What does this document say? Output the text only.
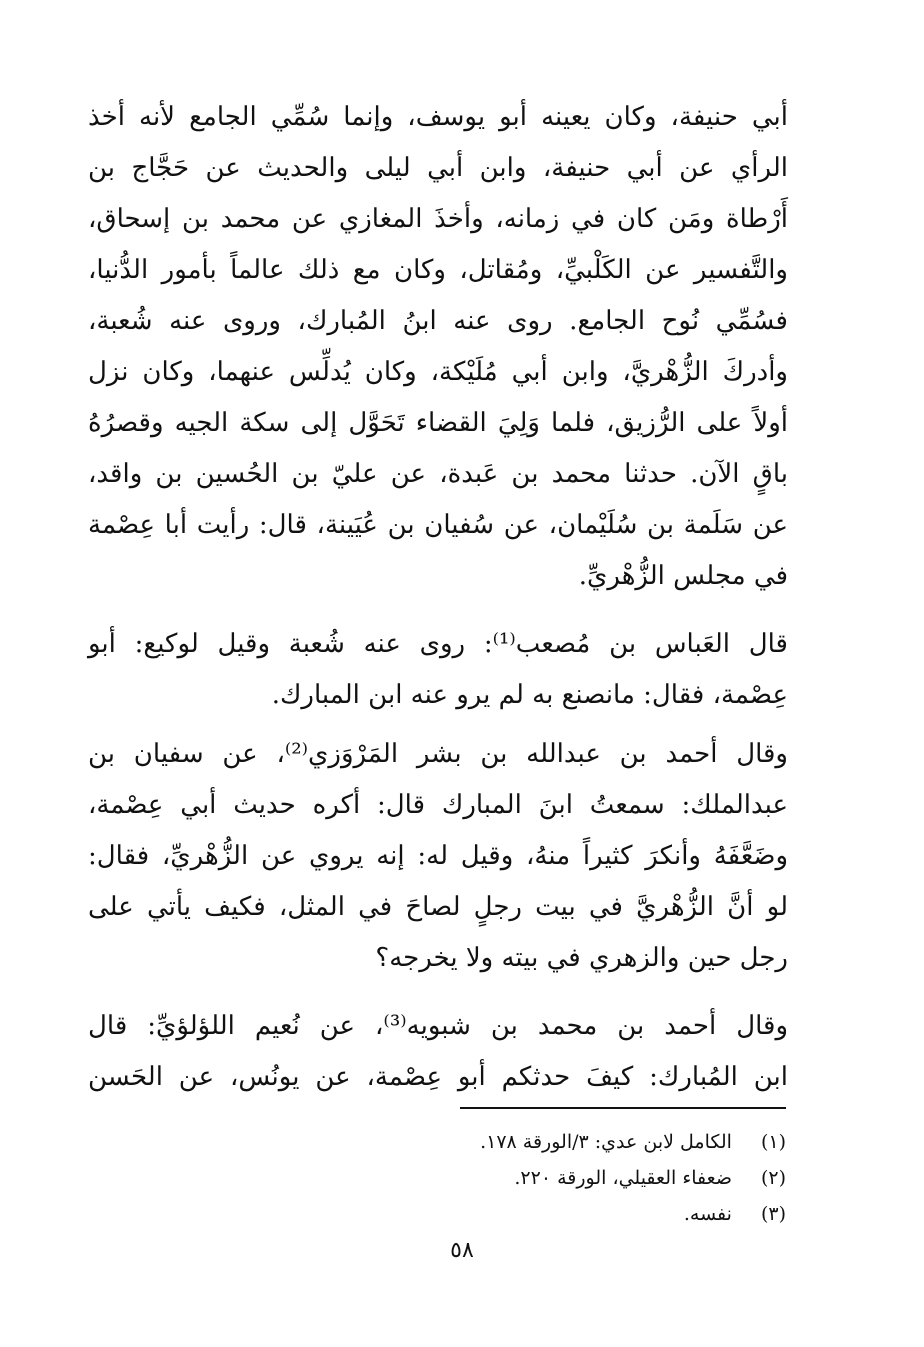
أبي حنيفة، وكان يعينه أبو يوسف، وإنما سُمِّي الجامع لأنه أخذ
الرأي عن أبي حنيفة، وابن أبي ليلى والحديث عن حَجَّاج بن
أَرْطاة ومَن كان في زمانه، وأخذَ المغازي عن محمد بن إسحاق،
والتَّفسير عن الكَلْبيِّ، ومُقاتل، وكان مع ذلك عالماً بأمور الدُّنيا،
فسُمِّي نُوح الجامع. روى عنه ابنُ المُبارك، وروى عنه شُعبة،
وأدركَ الزُّهْريَّ، وابن أبي مُلَيْكة، وكان يُدلِّس عنهما، وكان نزل
أولاً على الرُّزيق، فلما وَلِيَ القضاء تَحَوَّل إلى سكة الجيه وقصرُهُ
باقٍ الآن. حدثنا محمد بن عَبدة، عن عليّ بن الحُسين بن واقد،
عن سَلَمة بن سُلَيْمان، عن سُفيان بن عُيَينة، قال: رأيت أبا عِصْمة
في مجلس الزُّهْريِّ.
قال العَباس بن مُصعب⁽¹⁾: روى عنه شُعبة وقيل لوكيع: أبو
عِصْمة، فقال: مانصنع به لم يرو عنه ابن المبارك.
وقال أحمد بن عبدالله بن بشر المَرْوَزي⁽²⁾، عن سفيان بن
عبدالملك: سمعتُ ابنَ المبارك قال: أكره حديث أبي عِصْمة،
وضَعَّفَهُ وأنكرَ كثيراً منهُ، وقيل له: إنه يروي عن الزُّهْريِّ، فقال:
لو أنَّ الزُّهْريَّ في بيت رجلٍ لصاحَ في المثل، فكيف يأتي على
رجل حين والزهري في بيته ولا يخرجه؟
وقال أحمد بن محمد بن شبويه⁽³⁾، عن نُعيم اللؤلؤيِّ: قال
ابن المُبارك: كيفَ حدثكم أبو عِصْمة، عن يونُس، عن الحَسن
(١) الكامل لابن عدي: ٣/الورقة ١٧٨.
(٢) ضعفاء العقيلي، الورقة ٢٢٠.
(٣) نفسه.
٥٨
